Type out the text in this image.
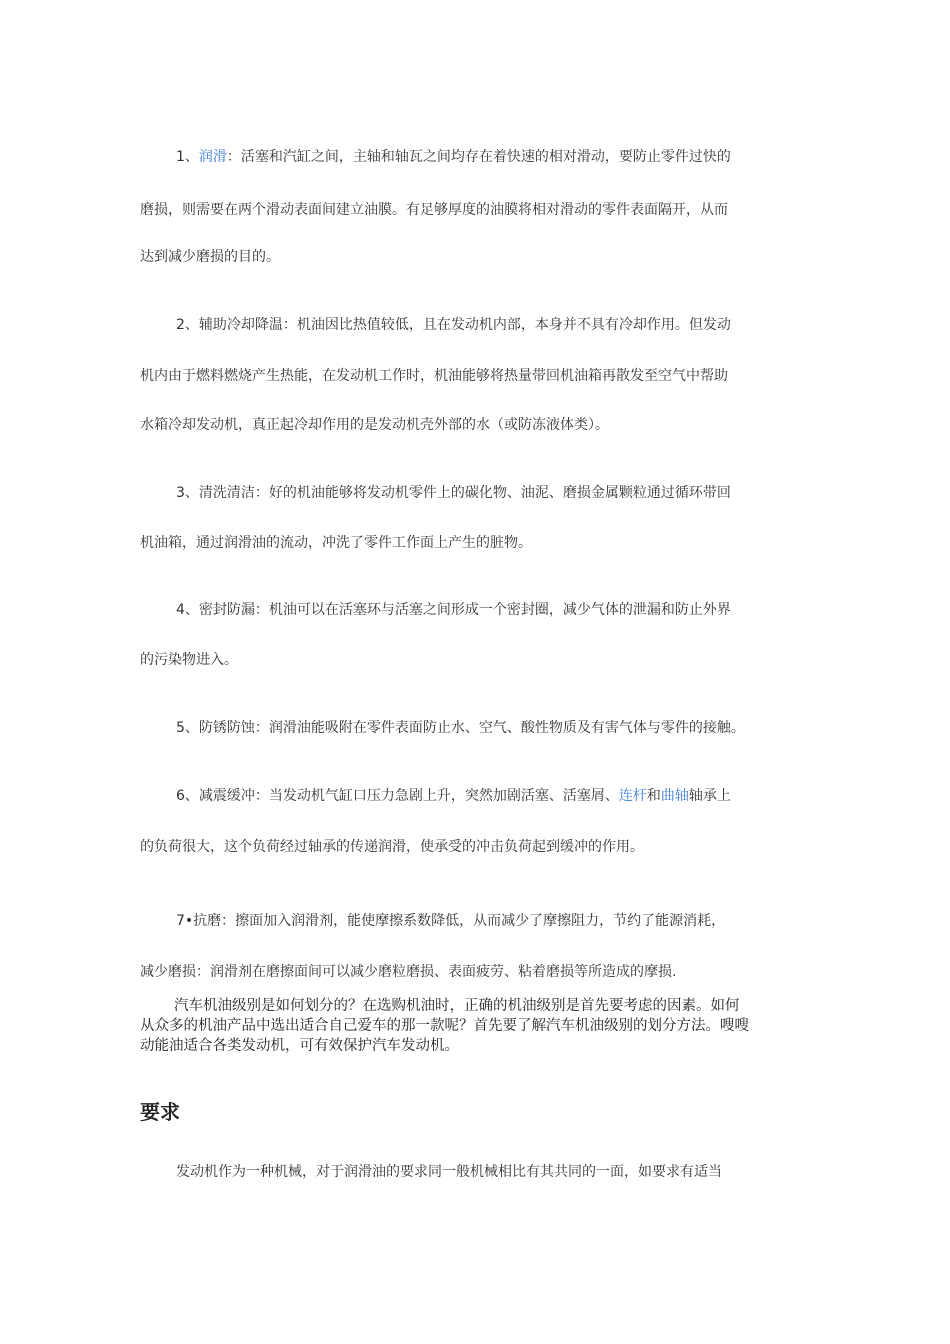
1、润滑：活塞和汽缸之间，主轴和轴瓦之间均存在着快速的相对滑动，要防止零件过快的
磨损，则需要在两个滑动表面间建立油膜。有足够厚度的油膜将相对滑动的零件表面隔开，从而
达到减少磨损的目的。
2、辅助冷却降温：机油因比热值较低，且在发动机内部，本身并不具有冷却作用。但发动
机内由于燃料燃烧产生热能，在发动机工作时，机油能够将热量带回机油箱再散发至空气中帮助
水箱冷却发动机，真正起冷却作用的是发动机壳外部的水（或防冻液体类）。
3、清洗清洁：好的机油能够将发动机零件上的碳化物、油泥、磨损金属颗粒通过循环带回
机油箱，通过润滑油的流动，冲洗了零件工作面上产生的脏物。
4、密封防漏：机油可以在活塞环与活塞之间形成一个密封圈，减少气体的泄漏和防止外界
的污染物进入。
5、防锈防蚀：润滑油能吸附在零件表面防止水、空气、酸性物质及有害气体与零件的接触。
6、减震缓冲：当发动机气缸口压力急剧上升，突然加剧活塞、活塞屑、连杆和曲轴轴承上
的负荷很大，这个负荷经过轴承的传递润滑，使承受的冲击负荷起到缓冲的作用。
7•抗磨：擦面加入润滑剂，能使摩擦系数降低，从而减少了摩擦阻力，节约了能源消耗，
减少磨损：润滑剂在磨擦面间可以减少磨粒磨损、表面疲劳、粘着磨损等所造成的摩损.
汽车机油级别是如何划分的？在选购机油时，正确的机油级别是首先要考虑的因素。如何
从众多的机油产品中选出适合自己爱车的那一款呢？首先要了解汽车机油级别的划分方法。嗖嗖
动能油适合各类发动机，可有效保护汽车发动机。
要求
发动机作为一种机械，对于润滑油的要求同一般机械相比有其共同的一面，如要求有适当
